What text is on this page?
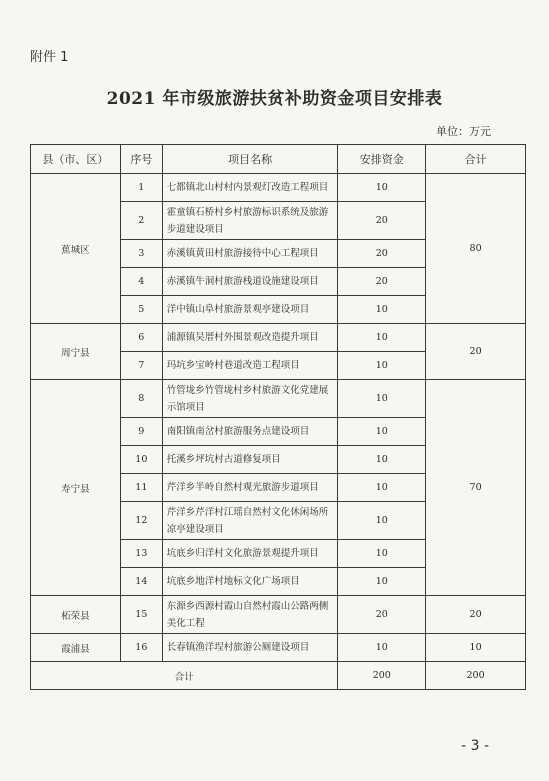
附件 1
2021 年市级旅游扶贫补助资金项目安排表
单位：万元
县（市、区）	序号	项目名称	安排资金	合计
蕉城区	1	七都镇北山村村内景观灯改造工程项目	10	80
	2	霍童镇石桥村乡村旅游标识系统及旅游步道建设项目	20	
	3	赤溪镇黄田村旅游接待中心工程项目	20	
	4	赤溪镇牛洞村旅游栈道设施建设项目	20	
	5	洋中镇山阜村旅游景观亭建设项目	10	
周宁县	6	浦源镇吴厝村外围景观改造提升项目	10	20
	7	玛坑乡宝岭村巷道改造工程项目	10	
寿宁县	8	竹管垅乡竹管垅村乡村旅游文化党建展示馆项目	10	70
	9	南阳镇南岔村旅游服务点建设项目	10	
	10	托溪乡坪坑村古道修复项目	10	
	11	芹洋乡半岭自然村观光旅游步道项目	10	
	12	芹洋乡芹洋村江瑶自然村文化休闲场所凉亭建设项目	10	
	13	坑底乡归洋村文化旅游景观提升项目	10	
	14	坑底乡地洋村地标文化广场项目	10	
柘荣县	15	东源乡西源村霞山自然村霞山公路两侧美化工程	20	20
霞浦县	16	长春镇渔洋埕村旅游公厕建设项目	10	10
合计			200	200
- 3 -
